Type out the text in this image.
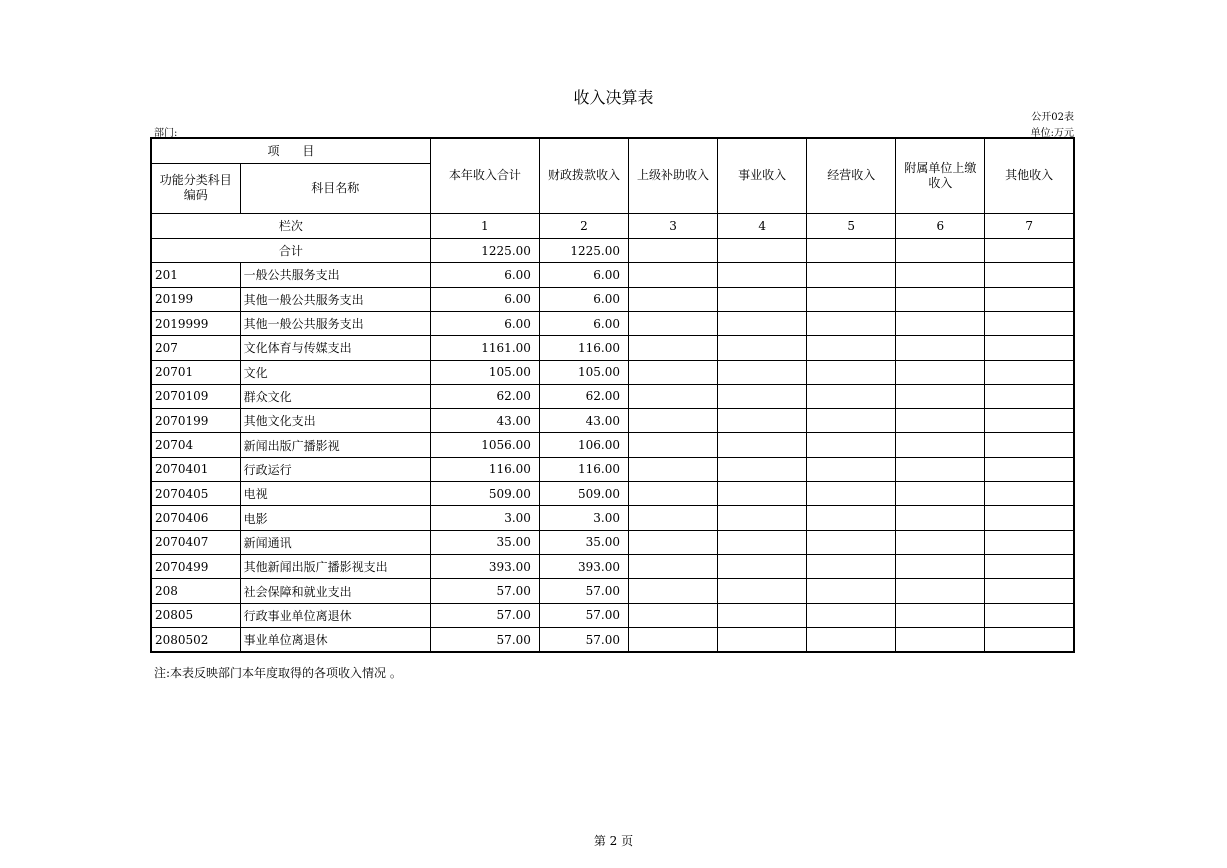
收入决算表
公开02表
部门:	单位:万元
项      目		本年收入合计	财政拨款收入	上级补助收入	事业收入	经营收入	附属单位上缴收入	其他收入
功能分类科目编码	科目名称							
栏次		1	2	3	4	5	6	7
合计		1225.00	1225.00					
201	一般公共服务支出	6.00	6.00					
20199	其他一般公共服务支出	6.00	6.00					
2019999	其他一般公共服务支出	6.00	6.00					
207	文化体育与传媒支出	1161.00	116.00					
20701	文化	105.00	105.00					
2070109	群众文化	62.00	62.00					
2070199	其他文化支出	43.00	43.00					
20704	新闻出版广播影视	1056.00	106.00					
2070401	行政运行	116.00	116.00					
2070405	电视	509.00	509.00					
2070406	电影	3.00	3.00					
2070407	新闻通讯	35.00	35.00					
2070499	其他新闻出版广播影视支出	393.00	393.00					
208	社会保障和就业支出	57.00	57.00					
20805	行政事业单位离退休	57.00	57.00					
2080502	事业单位离退休	57.00	57.00					
注:本表反映部门本年度取得的各项收入情况 。
第 2 页
